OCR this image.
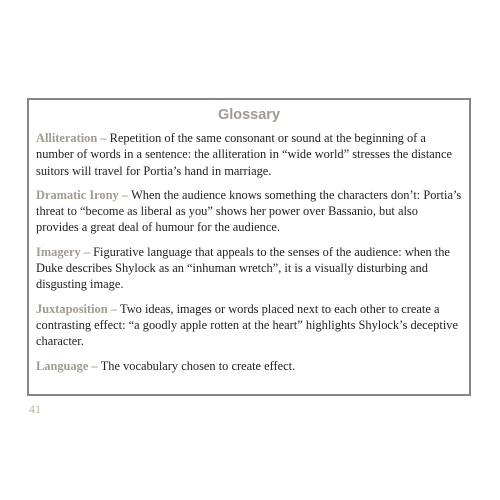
Glossary

Alliteration – Repetition of the same consonant or sound at the beginning of a number of words in a sentence: the alliteration in “wide world” stresses the distance suitors will travel for Portia’s hand in marriage.

Dramatic Irony – When the audience knows something the characters don’t: Portia’s threat to “become as liberal as you” shows her power over Bassanio, but also provides a great deal of humour for the audience.

Imagery – Figurative language that appeals to the senses of the audience: when the Duke describes Shylock as an “inhuman wretch”, it is a visually disturbing and disgusting image.

Juxtaposition – Two ideas, images or words placed next to each other to create a contrasting effect: “a goodly apple rotten at the heart” highlights Shylock’s deceptive character.

Language – The vocabulary chosen to create effect.

41
